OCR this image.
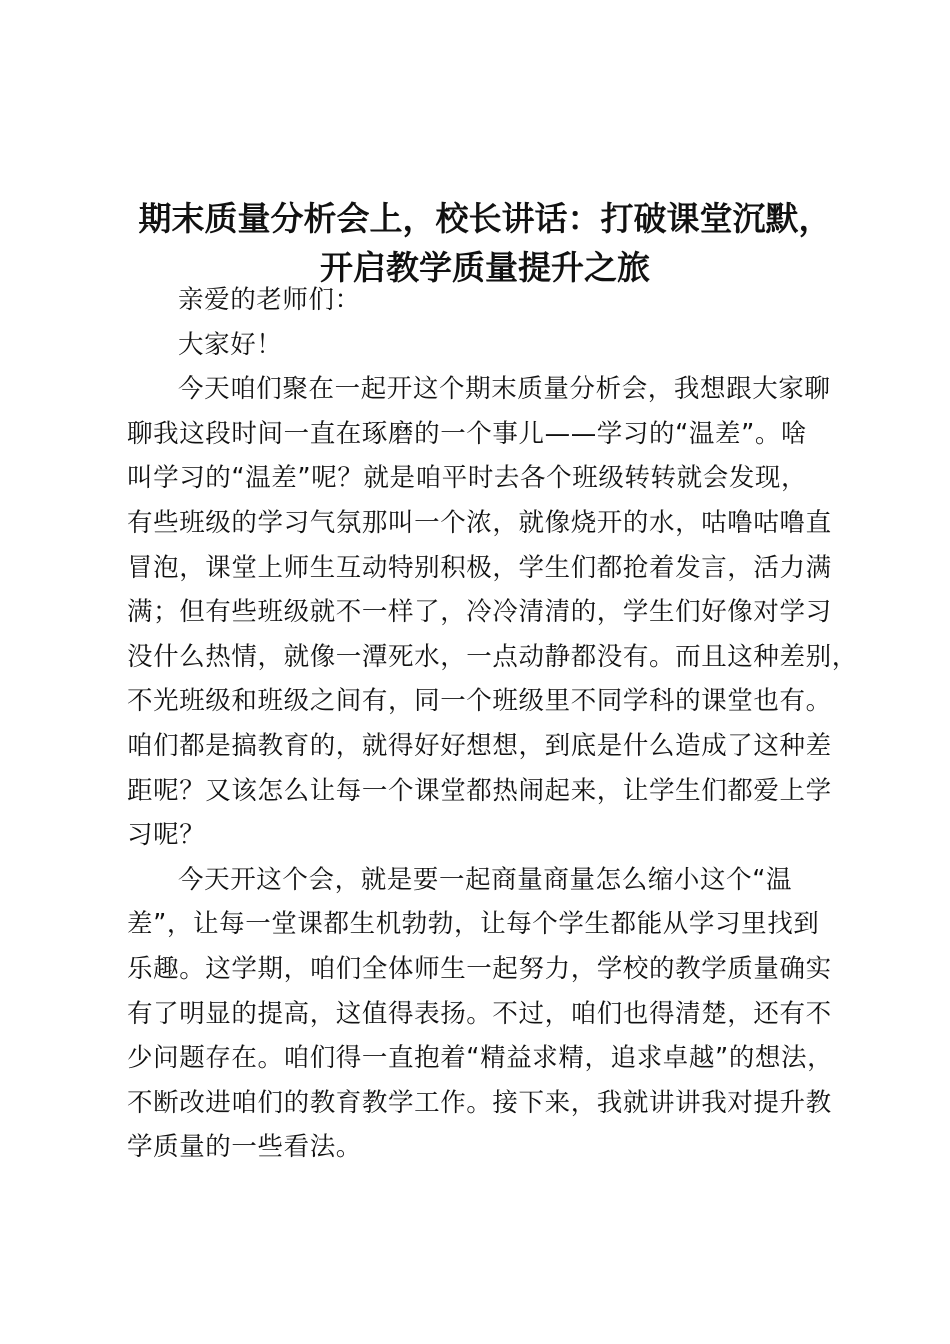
期末质量分析会上，校长讲话：打破课堂沉默，
开启教学质量提升之旅

亲爱的老师们：

大家好！

今天咱们聚在一起开这个期末质量分析会，我想跟大家聊
聊我这段时间一直在琢磨的一个事儿——学习的“温差”。啥
叫学习的“温差”呢？就是咱平时去各个班级转转就会发现，
有些班级的学习气氛那叫一个浓，就像烧开的水，咕噜咕噜直
冒泡，课堂上师生互动特别积极，学生们都抢着发言，活力满
满；但有些班级就不一样了，冷冷清清的，学生们好像对学习
没什么热情，就像一潭死水，一点动静都没有。而且这种差别，
不光班级和班级之间有，同一个班级里不同学科的课堂也有。
咱们都是搞教育的，就得好好想想，到底是什么造成了这种差
距呢？又该怎么让每一个课堂都热闹起来，让学生们都爱上学
习呢？

今天开这个会，就是要一起商量商量怎么缩小这个“温
差”，让每一堂课都生机勃勃，让每个学生都能从学习里找到
乐趣。这学期，咱们全体师生一起努力，学校的教学质量确实
有了明显的提高，这值得表扬。不过，咱们也得清楚，还有不
少问题存在。咱们得一直抱着“精益求精，追求卓越”的想法，
不断改进咱们的教育教学工作。接下来，我就讲讲我对提升教
学质量的一些看法。
